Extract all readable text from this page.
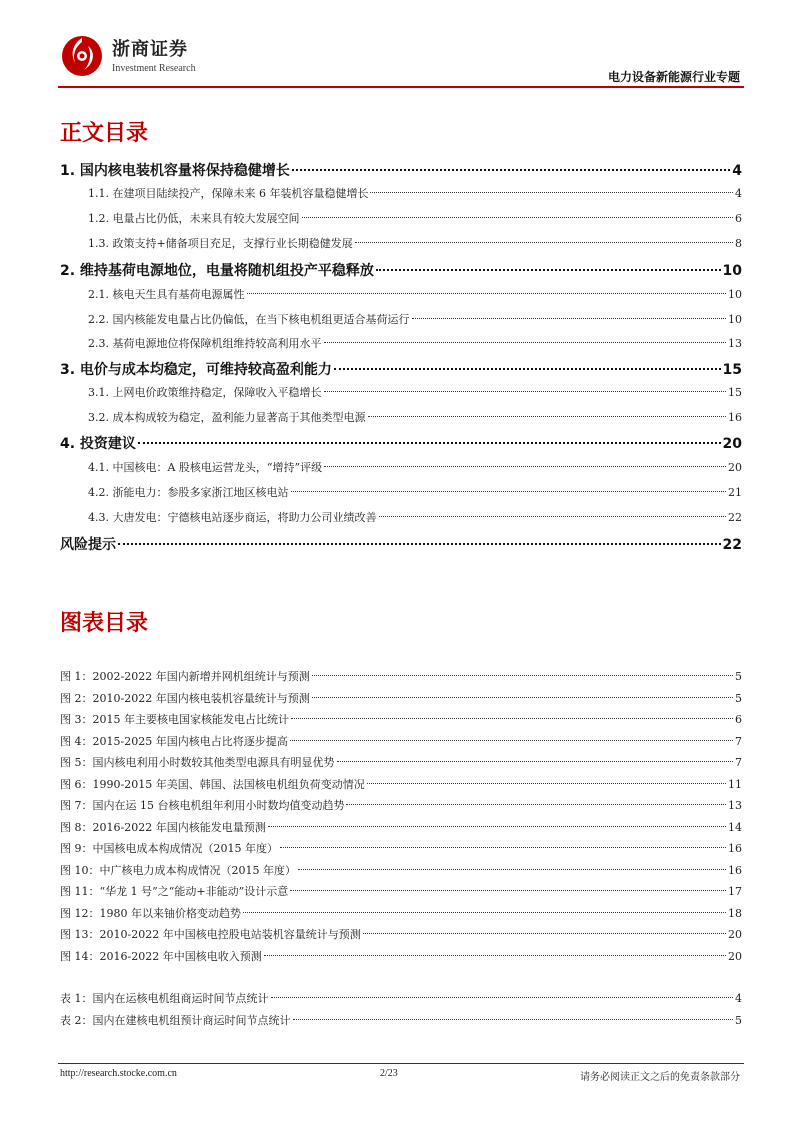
浙商证券
Investment Research
电力设备新能源行业专题
正文目录
1. 国内核电装机容量将保持稳健增长	4
1.1. 在建项目陆续投产，保障未来 6 年装机容量稳健增长	4
1.2. 电量占比仍低，未来具有较大发展空间	6
1.3. 政策支持+储备项目充足，支撑行业长期稳健发展	8
2. 维持基荷电源地位，电量将随机组投产平稳释放	10
2.1. 核电天生具有基荷电源属性	10
2.2. 国内核能发电量占比仍偏低，在当下核电机组更适合基荷运行	10
2.3. 基荷电源地位将保障机组维持较高利用水平	13
3. 电价与成本均稳定，可维持较高盈利能力	15
3.1. 上网电价政策维持稳定，保障收入平稳增长	15
3.2. 成本构成较为稳定，盈利能力显著高于其他类型电源	16
4. 投资建议	20
4.1. 中国核电：A 股核电运营龙头，“增持”评级	20
4.2. 浙能电力：参股多家浙江地区核电站	21
4.3. 大唐发电：宁德核电站逐步商运，将助力公司业绩改善	22
风险提示	22
图表目录
图 1：2002-2022 年国内新增并网机组统计与预测	5
图 2：2010-2022 年国内核电装机容量统计与预测	5
图 3：2015 年主要核电国家核能发电占比统计	6
图 4：2015-2025 年国内核电占比将逐步提高	7
图 5：国内核电利用小时数较其他类型电源具有明显优势	7
图 6：1990-2015 年美国、韩国、法国核电机组负荷变动情况	11
图 7：国内在运 15 台核电机组年利用小时数均值变动趋势	13
图 8：2016-2022 年国内核能发电量预测	14
图 9：中国核电成本构成情况（2015 年度）	16
图 10：中广核电力成本构成情况（2015 年度）	16
图 11：“华龙 1 号”之“能动+非能动”设计示意	17
图 12：1980 年以来铀价格变动趋势	18
图 13：2010-2022 年中国核电控股电站装机容量统计与预测	20
图 14：2016-2022 年中国核电收入预测	20
表 1：国内在运核电机组商运时间节点统计	4
表 2：国内在建核电机组预计商运时间节点统计	5
http://research.stocke.com.cn	2/23	请务必阅读正文之后的免责条款部分
